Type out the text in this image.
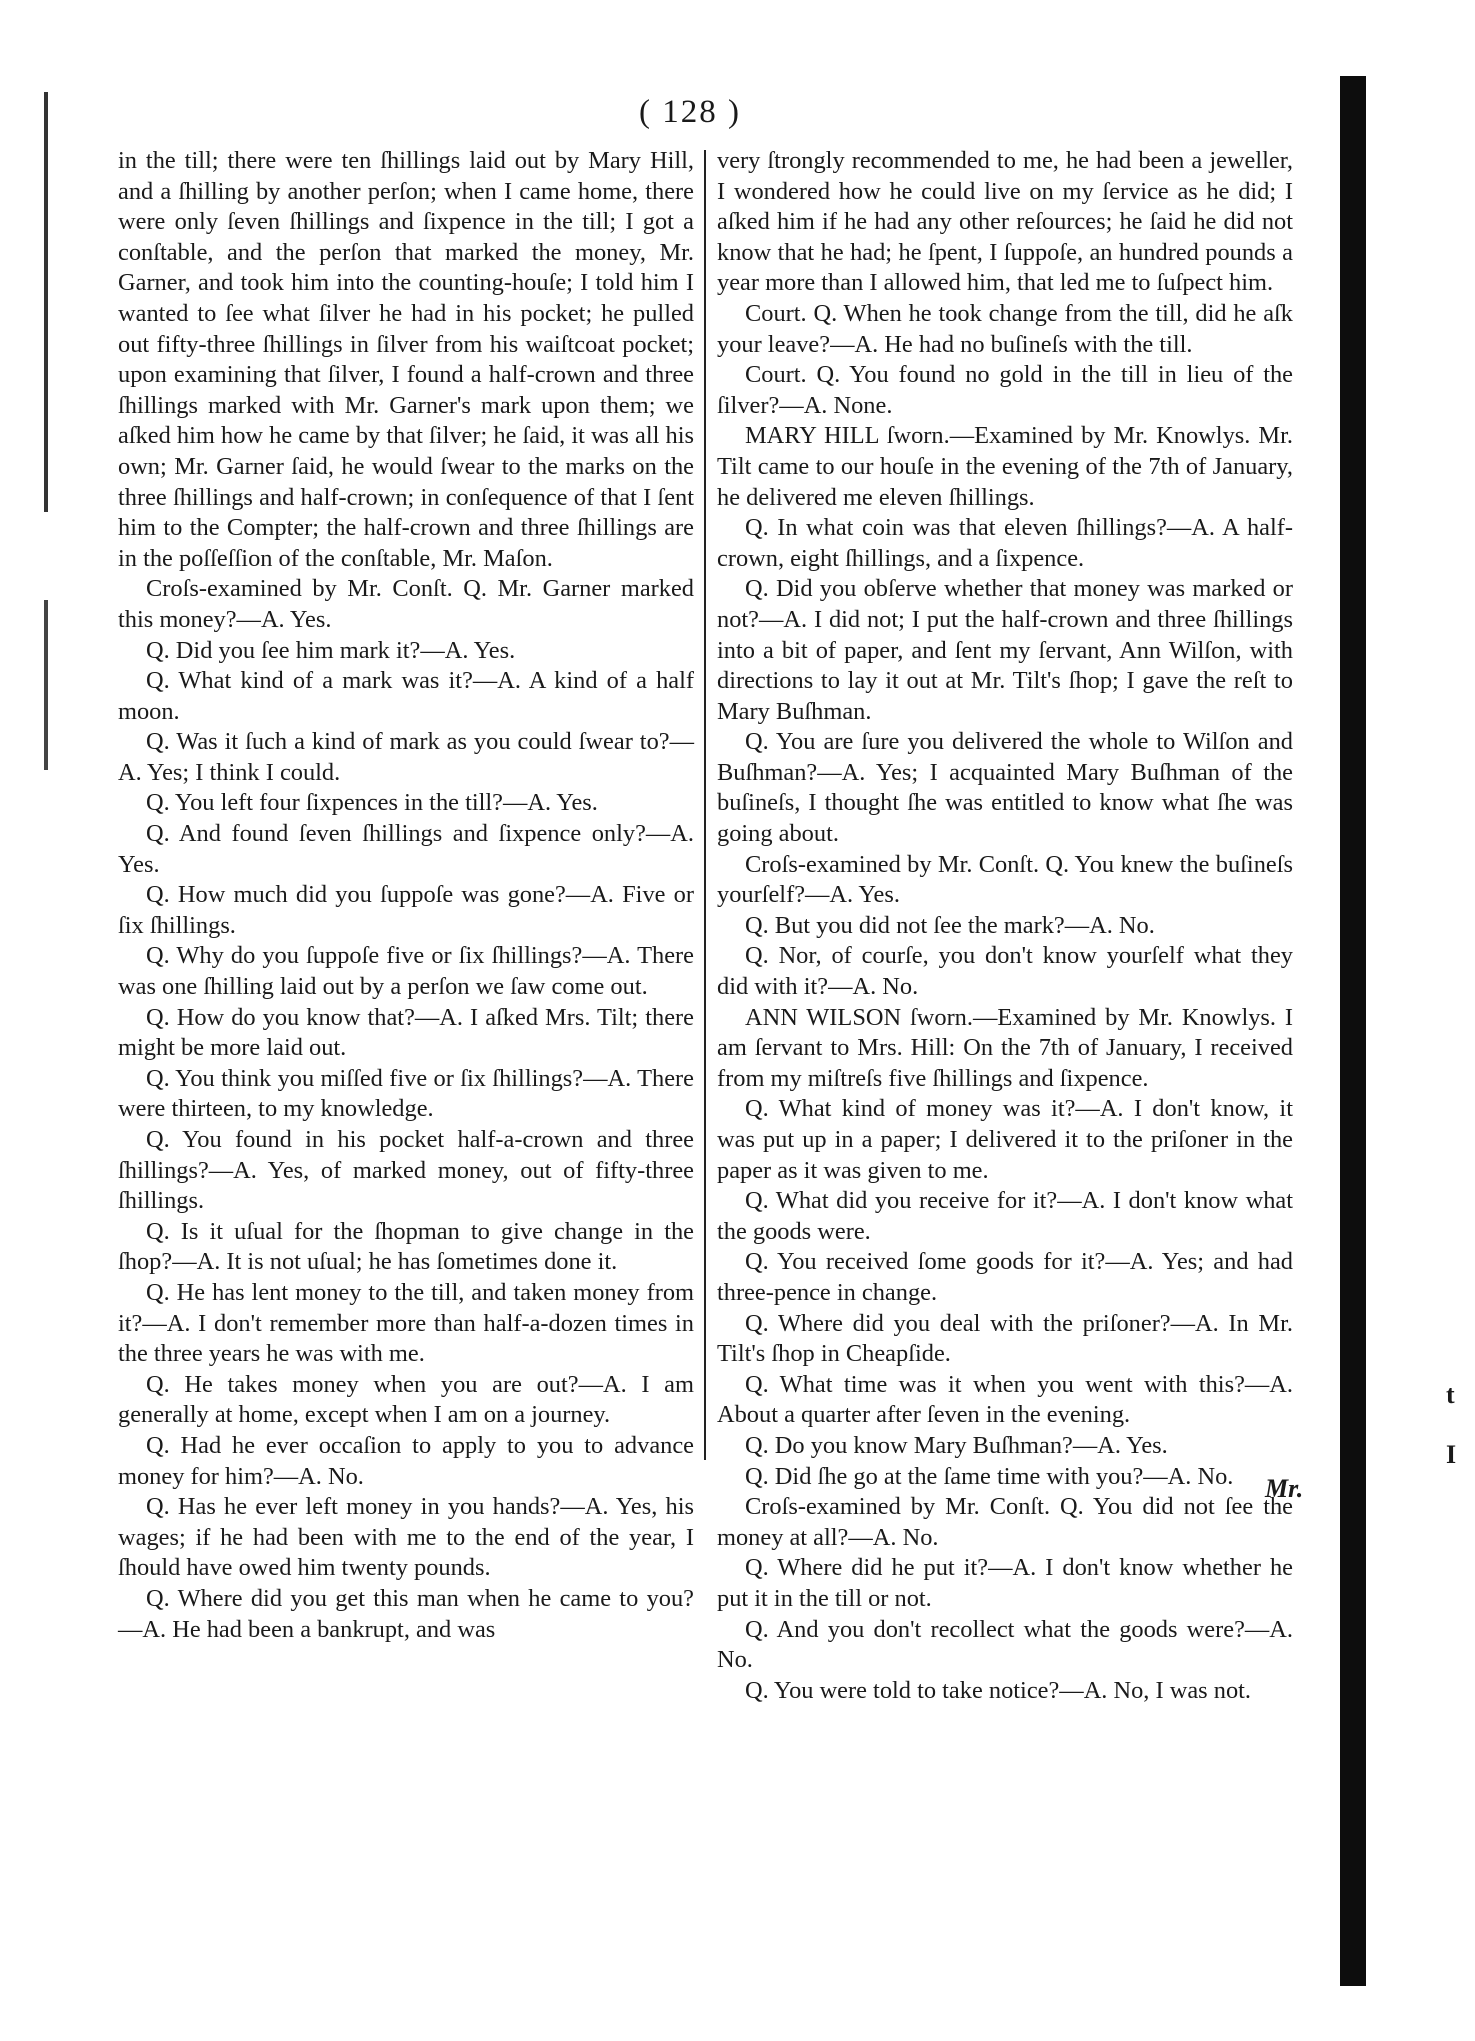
( 128 )

in the till; there were ten ſhillings laid out by Mary Hill, and a ſhilling by another perſon; when I came home, there were only ſeven ſhillings and ſixpence in the till; I got a conſtable, and the perſon that marked the money, Mr. Garner, and took him into the counting-houſe; I told him I wanted to ſee what ſilver he had in his pocket; he pulled out fifty-three ſhillings in ſilver from his waiſtcoat pocket; upon examining that ſilver, I found a half-crown and three ſhillings marked with Mr. Garner's mark upon them; we aſked him how he came by that ſilver; he ſaid, it was all his own; Mr. Garner ſaid, he would ſwear to the marks on the three ſhillings and half-crown; in conſequence of that I ſent him to the Compter; the half-crown and three ſhillings are in the poſſeſſion of the conſtable, Mr. Maſon.

Croſs-examined by Mr. Conſt. Q. Mr. Garner marked this money?—A. Yes.

Q. Did you ſee him mark it?—A. Yes.

Q. What kind of a mark was it?—A. A kind of a half moon.

Q. Was it ſuch a kind of mark as you could ſwear to?—A. Yes; I think I could.

Q. You left four ſixpences in the till?—A. Yes.

Q. And found ſeven ſhillings and ſixpence only?—A. Yes.

Q. How much did you ſuppoſe was gone?—A. Five or ſix ſhillings.

Q. Why do you ſuppoſe five or ſix ſhillings?—A. There was one ſhilling laid out by a perſon we ſaw come out.

Q. How do you know that?—A. I aſked Mrs. Tilt; there might be more laid out.

Q. You think you miſſed five or ſix ſhillings?—A. There were thirteen, to my knowledge.

Q. You found in his pocket half-a-crown and three ſhillings?—A. Yes, of marked money, out of fifty-three ſhillings.

Q. Is it uſual for the ſhopman to give change in the ſhop?—A. It is not uſual; he has ſometimes done it.

Q. He has lent money to the till, and taken money from it?—A. I don't remember more than half-a-dozen times in the three years he was with me.

Q. He takes money when you are out?—A. I am generally at home, except when I am on a journey.

Q. Had he ever occaſion to apply to you to advance money for him?—A. No.

Q. Has he ever left money in you hands?—A. Yes, his wages; if he had been with me to the end of the year, I ſhould have owed him twenty pounds.

Q. Where did you get this man when he came to you?—A. He had been a bankrupt, and was

very ſtrongly recommended to me, he had been a jeweller, I wondered how he could live on my ſervice as he did; I aſked him if he had any other reſources; he ſaid he did not know that he had; he ſpent, I ſuppoſe, an hundred pounds a year more than I allowed him, that led me to ſuſpect him.

Court. Q. When he took change from the till, did he aſk your leave?—A. He had no buſineſs with the till.

Court. Q. You found no gold in the till in lieu of the ſilver?—A. None.

MARY HILL ſworn.—Examined by Mr. Knowlys. Mr. Tilt came to our houſe in the evening of the 7th of January, he delivered me eleven ſhillings.

Q. In what coin was that eleven ſhillings?—A. A half-crown, eight ſhillings, and a ſixpence.

Q. Did you obſerve whether that money was marked or not?—A. I did not; I put the half-crown and three ſhillings into a bit of paper, and ſent my ſervant, Ann Wilſon, with directions to lay it out at Mr. Tilt's ſhop; I gave the reſt to Mary Buſhman.

Q. You are ſure you delivered the whole to Wilſon and Buſhman?—A. Yes; I acquainted Mary Buſhman of the buſineſs, I thought ſhe was entitled to know what ſhe was going about.

Croſs-examined by Mr. Conſt. Q. You knew the buſineſs yourſelf?—A. Yes.

Q. But you did not ſee the mark?—A. No.

Q. Nor, of courſe, you don't know yourſelf what they did with it?—A. No.

ANN WILSON ſworn.—Examined by Mr. Knowlys. I am ſervant to Mrs. Hill: On the 7th of January, I received from my miſtreſs five ſhillings and ſixpence.

Q. What kind of money was it?—A. I don't know, it was put up in a paper; I delivered it to the priſoner in the paper as it was given to me.

Q. What did you receive for it?—A. I don't know what the goods were.

Q. You received ſome goods for it?—A. Yes; and had three-pence in change.

Q. Where did you deal with the priſoner?—A. In Mr. Tilt's ſhop in Cheapſide.

Q. What time was it when you went with this?—A. About a quarter after ſeven in the evening.

Q. Do you know Mary Buſhman?—A. Yes.

Q. Did ſhe go at the ſame time with you?—A. No.

Croſs-examined by Mr. Conſt. Q. You did not ſee the money at all?—A. No.

Q. Where did he put it?—A. I don't know whether he put it in the till or not.

Q. And you don't recollect what the goods were?—A. No.

Q. You were told to take notice?—A. No, I was not.

Mr.
t
I
